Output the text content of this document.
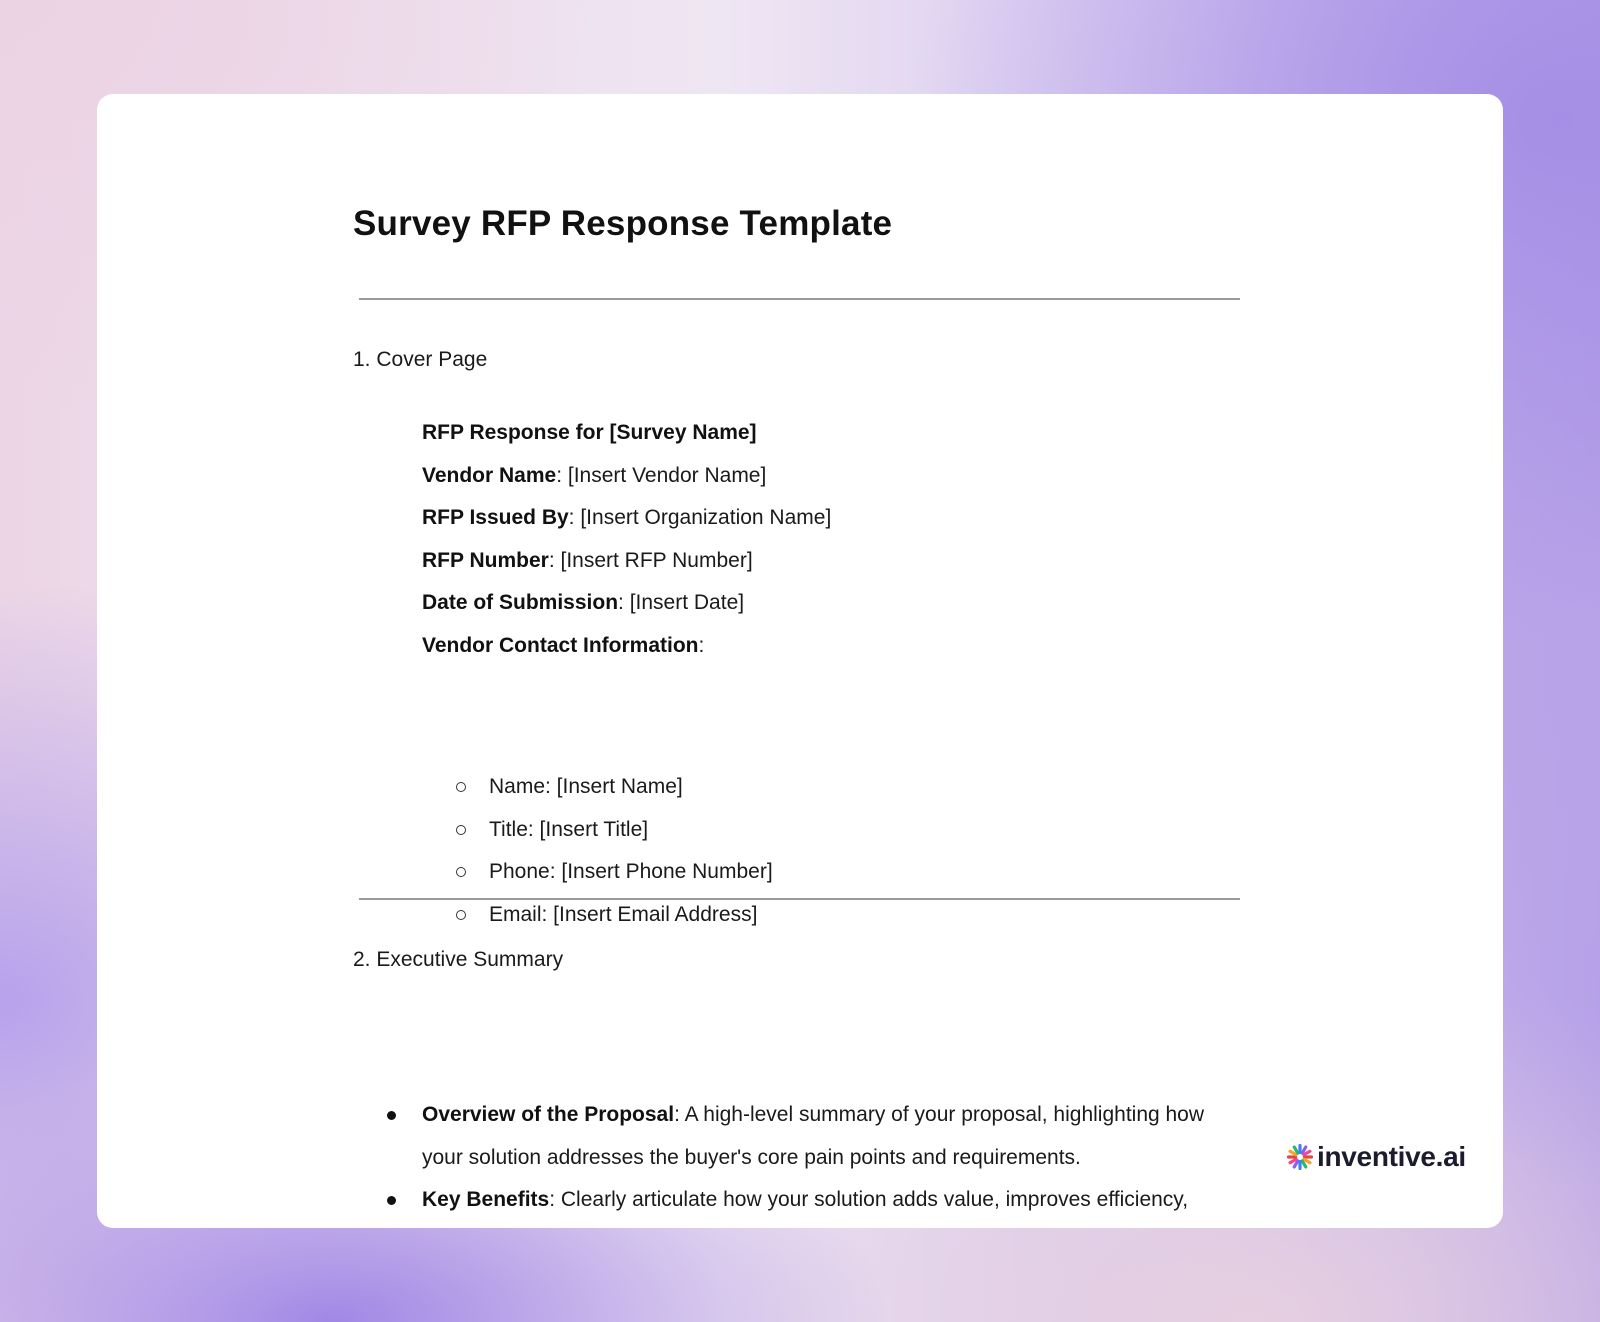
Survey RFP Response Template
1. Cover Page
RFP Response for [Survey Name]
Vendor Name: [Insert Vendor Name]
RFP Issued By: [Insert Organization Name]
RFP Number: [Insert RFP Number]
Date of Submission: [Insert Date]
Vendor Contact Information:
Name: [Insert Name]
Title: [Insert Title]
Phone: [Insert Phone Number]
Email: [Insert Email Address]
2. Executive Summary
Overview of the Proposal: A high-level summary of your proposal, highlighting how your solution addresses the buyer's core pain points and requirements.
Key Benefits: Clearly articulate how your solution adds value, improves efficiency,
inventive.ai
